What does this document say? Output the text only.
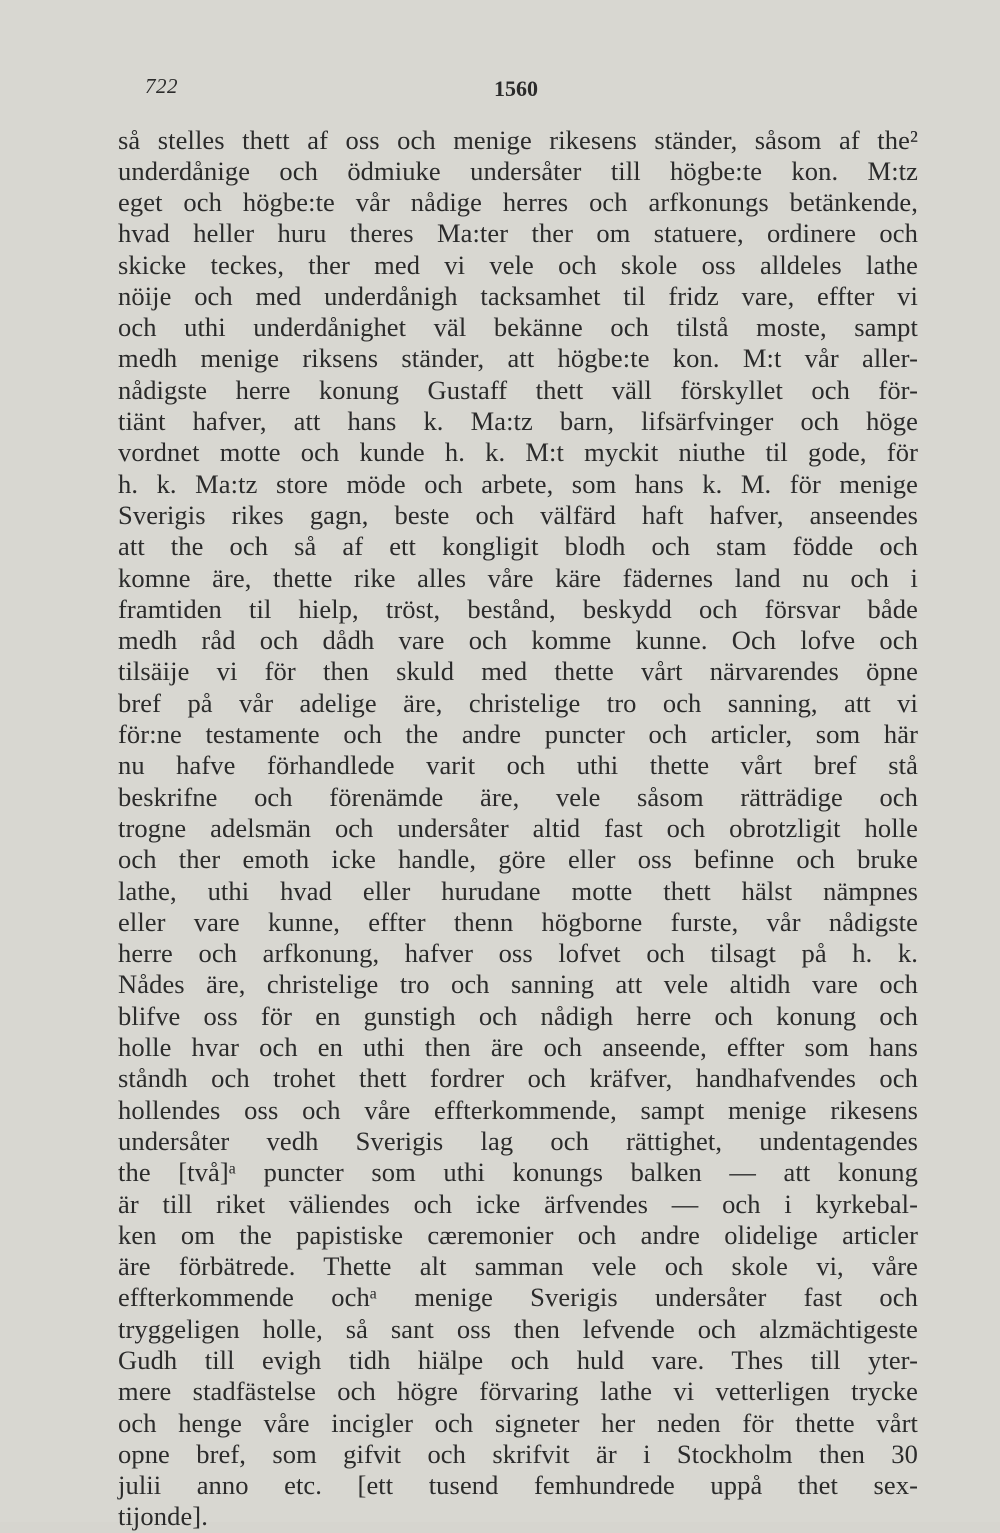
722	1560
så stelles thett af oss och menige rikesens ständer, såsom af the² underdånige och ödmiuke undersåter till högbe:te kon. M:tz
eget och högbe:te vår nådige herres och arfkonungs betänkende,
hvad heller huru theres Ma:ter ther om statuere, ordinere och
skicke teckes, ther med vi vele och skole oss alldeles lathe
nöije och med underdånigh tacksamhet til fridz vare, effter vi
och uthi underdånighet väl bekänne och tilstå moste, sampt
medh menige riksens ständer, att högbe:te kon. M:t vår aller-
nådigste herre konung Gustaff thett väll förskyllet och för-
tiänt hafver, att hans k. Ma:tz barn, lifsärfvinger och höge
vordnet motte och kunde h. k. M:t myckit niuthe til gode, för
h. k. Ma:tz store möde och arbete, som hans k. M. för menige
Sverigis rikes gagn, beste och välfärd haft hafver, anseendes
att the och så af ett kongligit blodh och stam födde och
komne äre, thette rike alles våre käre fädernes land nu och i
framtiden til hielp, tröst, bestånd, beskydd och försvar både
medh råd och dådh vare och komme kunne. Och lofve och
tilsäije vi för then skuld med thette vårt närvarendes öpne
bref på vår adelige äre, christelige tro och sanning, att vi
för:ne testamente och the andre puncter och articler, som här
nu hafve förhandlede varit och uthi thette vårt bref stå
beskrifne och förenämde äre, vele såsom rätträdige och
trogne adelsmän och undersåter altid fast och obrotzligit holle
och ther emoth icke handle, göre eller oss befinne och bruke
lathe, uthi hvad eller hurudane motte thett hälst nämpnes
eller vare kunne, effter thenn högborne furste, vår nådigste
herre och arfkonung, hafver oss lofvet och tilsagt på h. k.
Nådes äre, christelige tro och sanning att vele altidh vare och
blifve oss för en gunstigh och nådigh herre och konung och
holle hvar och en uthi then äre och anseende, effter som hans
ståndh och trohet thett fordrer och kräfver, handhafvendes och
hollendes oss och våre effterkommende, sampt menige rikesens
undersåter vedh Sverigis lag och rättighet, undentagendes
the [två]ᵃ puncter som uthi konungs balken — att konung
är till riket väliendes och icke ärfvendes — och i kyrkebal-
ken om the papistiske cæremonier och andre olidelige articler
äre förbätrede. Thette alt samman vele och skole vi, våre
effterkommende ochᵃ menige Sverigis undersåter fast och
tryggeligen holle, så sant oss then lefvende och alzmächtigeste
Gudh till evigh tidh hiälpe och huld vare. Thes till yter-
mere stadfästelse och högre förvaring lathe vi vetterligen trycke
och henge våre incigler och signeter her neden för thette vårt
opne bref, som gifvit och skrifvit är i Stockholm then 30
julii anno etc. [ett tusend femhundrede uppå thet sex-
tijonde].
